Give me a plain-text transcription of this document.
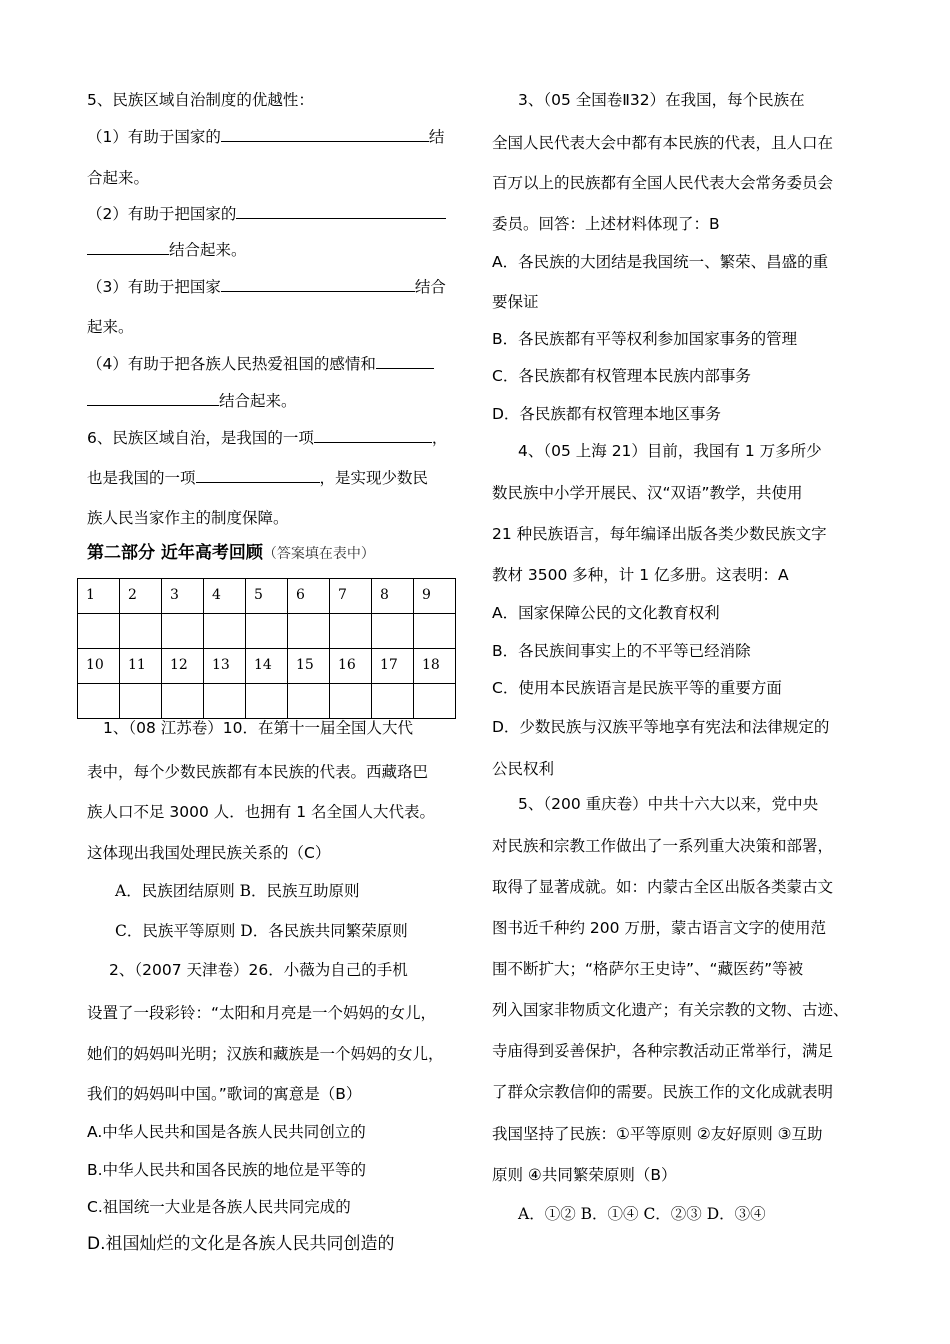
5、民族区域自治制度的优越性：
（1）有助于国家的	结
合起来。
（2）有助于把国家的
结合起来。
（3）有助于把国家	结合
起来。
（4）有助于把各族人民热爱祖国的感情和
结合起来。
6、民族区域自治，是我国的一项	，
也是我国的一项	，是实现少数民
族人民当家作主的制度保障。
第二部分 近年高考回顾（答案填在表中）
1、（08 江苏卷）10．在第十一届全国人大代
表中，每个少数民族都有本民族的代表。西藏珞巴
族人口不足 3000 人．也拥有 1 名全国人大代表。
这体现出我国处理民族关系的（C）
A．民族团结原则 B．民族互助原则
C．民族平等原则 D．各民族共同繁荣原则
2、（2007 天津卷）26．小薇为自己的手机
设置了一段彩铃：“太阳和月亮是一个妈妈的女儿，
她们的妈妈叫光明；汉族和藏族是一个妈妈的女儿，
我们的妈妈叫中国。”歌词的寓意是（B）
A.中华人民共和国是各族人民共同创立的
B.中华人民共和国各民族的地位是平等的
C.祖国统一大业是各族人民共同完成的
D.祖国灿烂的文化是各族人民共同创造的
1	2	3	4	5	6	7	8	9

10	11	12	13	14	15	16	17	18

3、（05 全国卷Ⅱ32）在我国，每个民族在
全国人民代表大会中都有本民族的代表，且人口在
百万以上的民族都有全国人民代表大会常务委员会
委员。回答：上述材料体现了：B
A．各民族的大团结是我国统一、繁荣、昌盛的重
要保证
B．各民族都有平等权利参加国家事务的管理
C．各民族都有权管理本民族内部事务
D．各民族都有权管理本地区事务
4、（05 上海 21）目前，我国有 1 万多所少
数民族中小学开展民、汉“双语”教学，共使用
21 种民族语言，每年编译出版各类少数民族文字
教材 3500 多种，计 1 亿多册。这表明：A
A．国家保障公民的文化教育权利
B．各民族间事实上的不平等已经消除
C．使用本民族语言是民族平等的重要方面
D．少数民族与汉族平等地享有宪法和法律规定的
公民权利
5、（200 重庆卷）中共十六大以来，党中央
对民族和宗教工作做出了一系列重大决策和部署，
取得了显著成就。如：内蒙古全区出版各类蒙古文
图书近千种约 200 万册，蒙古语言文字的使用范
围不断扩大；“格萨尔王史诗”、“藏医药”等被
列入国家非物质文化遗产；有关宗教的文物、古迹、
寺庙得到妥善保护，各种宗教活动正常举行，满足
了群众宗教信仰的需要。民族工作的文化成就表明
我国坚持了民族：①平等原则 ②友好原则 ③互助
原则 ④共同繁荣原则（B）
A．①② B．①④ C．②③ D．③④
